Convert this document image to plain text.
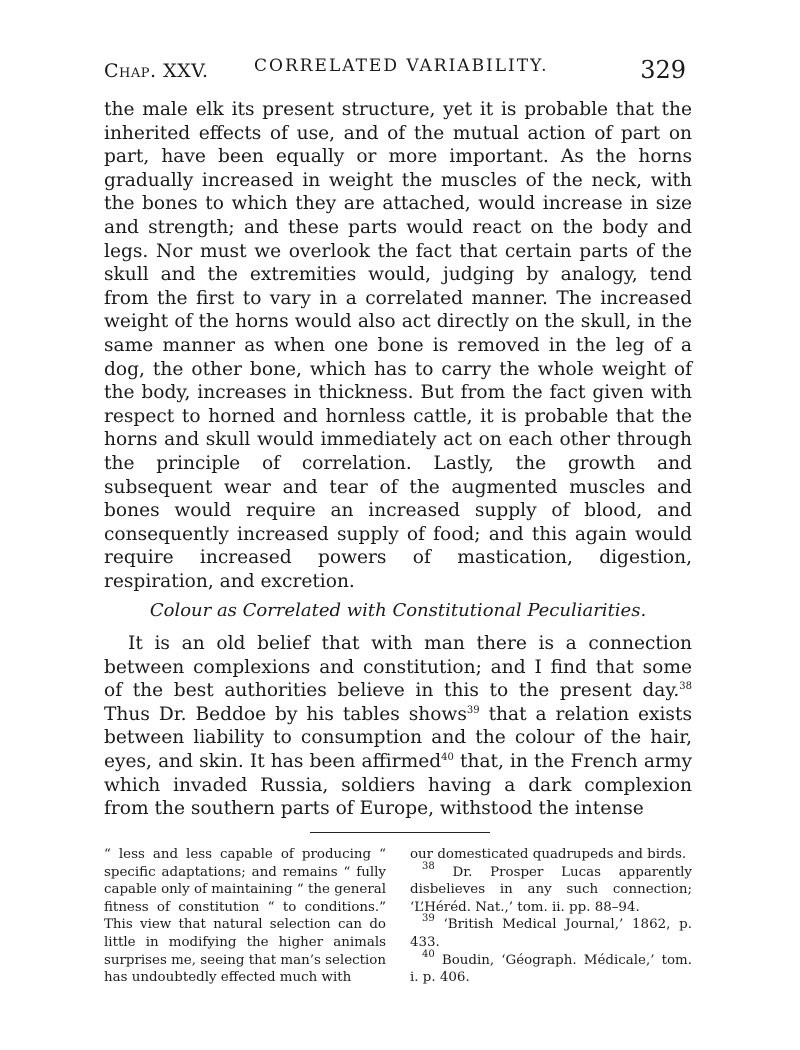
Chap. XXV.	CORRELATED VARIABILITY.	329

the male elk its present structure, yet it is probable that the inherited effects of use, and of the mutual action of part on part, have been equally or more important. As the horns gradually increased in weight the muscles of the neck, with the bones to which they are attached, would increase in size and strength; and these parts would react on the body and legs. Nor must we overlook the fact that certain parts of the skull and the extremities would, judging by analogy, tend from the first to vary in a correlated manner. The increased weight of the horns would also act directly on the skull, in the same manner as when one bone is removed in the leg of a dog, the other bone, which has to carry the whole weight of the body, increases in thickness. But from the fact given with respect to horned and hornless cattle, it is probable that the horns and skull would immediately act on each other through the principle of correlation. Lastly, the growth and subsequent wear and tear of the augmented muscles and bones would require an increased supply of blood, and consequently increased supply of food; and this again would require increased powers of mastication, digestion, respiration, and excretion.

Colour as Correlated with Constitutional Peculiarities.

It is an old belief that with man there is a connection between complexions and constitution; and I find that some of the best authorities believe in this to the present day.$^{38}$ Thus Dr. Beddoe by his tables shows$^{39}$ that a relation exists between liability to consumption and the colour of the hair, eyes, and skin. It has been affirmed$^{40}$ that, in the French army which invaded Russia, soldiers having a dark complexion from the southern parts of Europe, withstood the intense

“ less and less capable of producing “ specific adaptations; and remains “ fully capable only of maintaining “ the general fitness of constitution “ to conditions.” This view that natural selection can do little in modifying the higher animals surprises me, seeing that man’s selection has undoubtedly effected much with

our domesticated quadrupeds and birds.

$^{38}$ Dr. Prosper Lucas apparently disbelieves in any such connection; ‘L’Héréd. Nat.,’ tom. ii. pp. 88–94.

$^{39}$ ‘British Medical Journal,’ 1862, p. 433.

$^{40}$ Boudin, ‘Géograph. Médicale,’ tom. i. p. 406.
